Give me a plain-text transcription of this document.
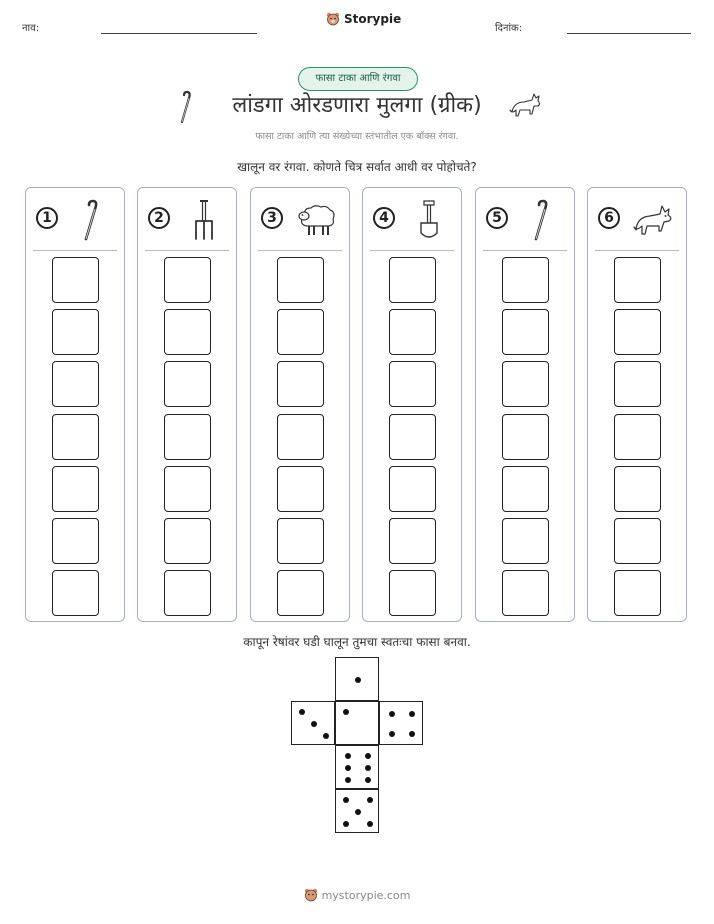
नाव:
Storypie
दिनांक:
फासा टाका आणि रंगवा
लांडगा ओरडणारा मुलगा (ग्रीक)
फासा टाका आणि त्या संख्येच्या स्तंभातील एक बॉक्स रंगवा.
खालून वर रंगवा. कोणते चित्र सर्वात आधी वर पोहोचते?
1	2	3	4	5	6
कापून रेषांवर घडी घालून तुमचा स्वतःचा फासा बनवा.
mystorypie.com
